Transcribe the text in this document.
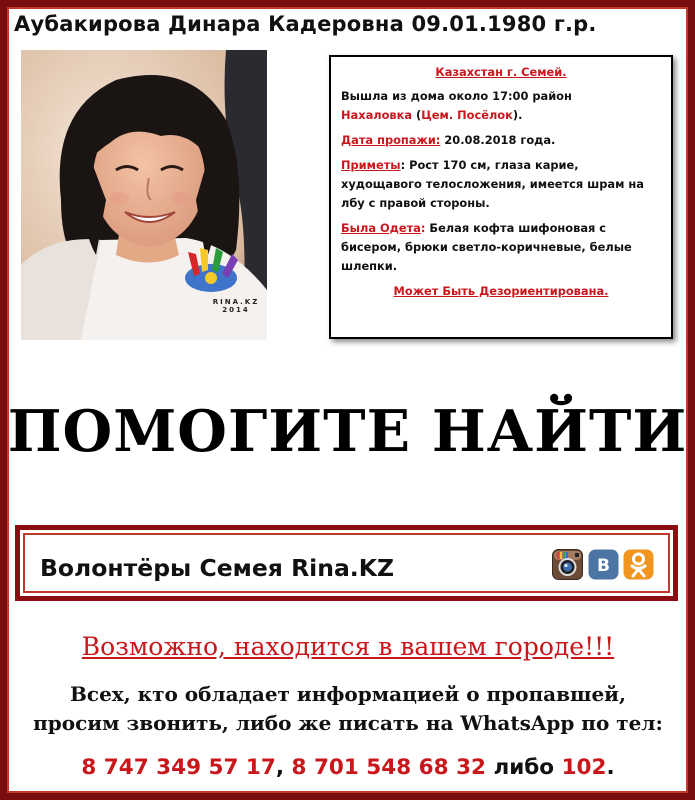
Аубакирова Динара Кадеровна 09.01.1980 г.р.
RINA.KZ 2014
Казахстан г. Семей.
Вышла из дома около 17:00 район
Нахаловка (Цем. Посёлок).
Дата пропажи: 20.08.2018 года.
Приметы: Рост 170 см, глаза карие, худощавого телосложения, имеется шрам на лбу с правой стороны.
Была Одета: Белая кофта шифоновая с бисером, брюки светло-коричневые, белые шлепки.
Может Быть Дезориентирована.
ПОМОГИТЕ НАЙТИ
Волонтёры Семея Rina.KZ	В
Возможно, находится в вашем городе!!!
Всех, кто обладает информацией о пропавшей,
просим звонить, либо же писать на WhatsApp по тел:
8 747 349 57 17, 8 701 548 68 32 либо 102.
